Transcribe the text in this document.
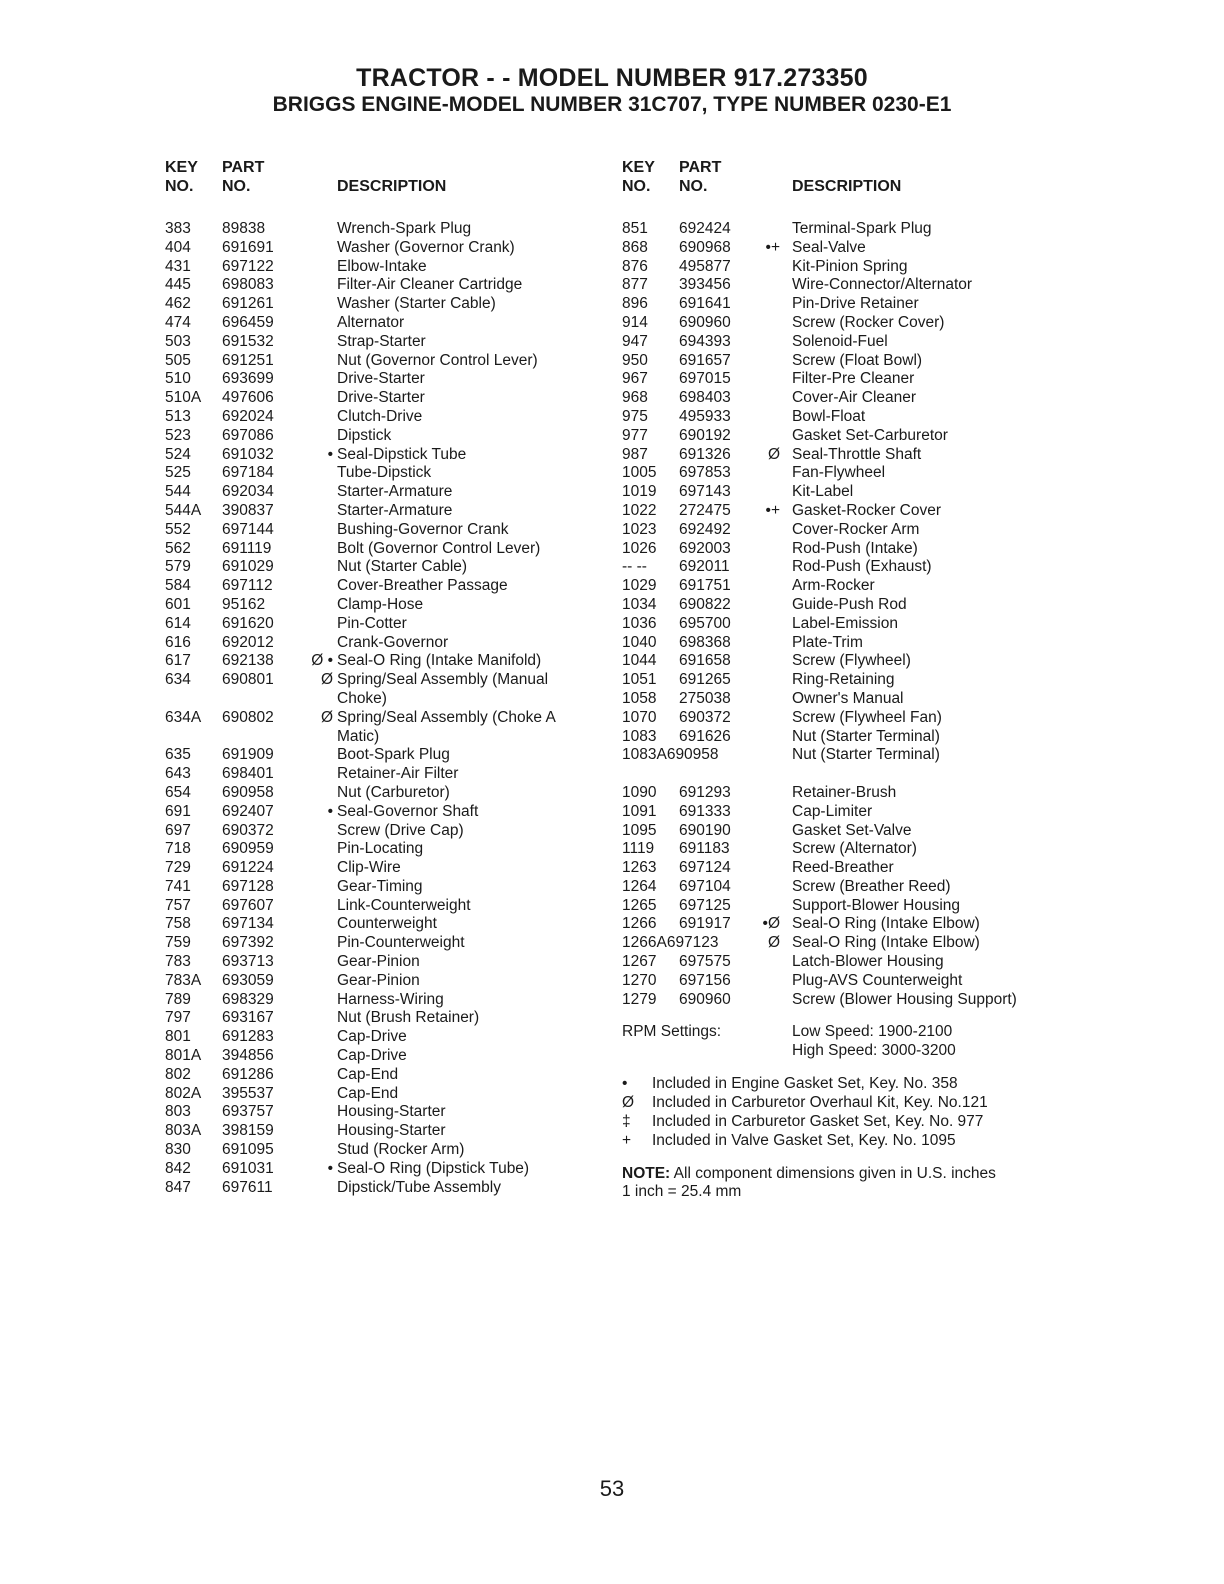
TRACTOR - - MODEL NUMBER 917.273350
BRIGGS ENGINE-MODEL NUMBER 31C707, TYPE NUMBER 0230-E1
KEY
NO.
PART
NO.	DESCRIPTION
383 89838	Wrench-Spark Plug
404 691691	Washer (Governor Crank)
431 697122	Elbow-Intake
445 698083	Filter-Air Cleaner Cartridge
462 691261	Washer (Starter Cable)
474 696459	Alternator
503 691532	Strap-Starter
505 691251	Nut (Governor Control Lever)
510 693699	Drive-Starter
510A 497606	Drive-Starter
513 692024	Clutch-Drive
523 697086	Dipstick
524 691032	• Seal-Dipstick Tube
525 697184	Tube-Dipstick
544 692034	Starter-Armature
544A 390837	Starter-Armature
552 697144	Bushing-Governor Crank
562 691119	Bolt (Governor Control Lever)
579 691029	Nut (Starter Cable)
584 697112	Cover-Breather Passage
601 95162	Clamp-Hose
614 691620	Pin-Cotter
616 692012	Crank-Governor
617 692138	Ø • Seal-O Ring (Intake Manifold)
634 690801	Ø Spring/Seal Assembly (Manual Choke)
634A 690802	Ø Spring/Seal Assembly (Choke A Matic)
635 691909	Boot-Spark Plug
643 698401	Retainer-Air Filter
654 690958	Nut (Carburetor)
691 692407	• Seal-Governor Shaft
697 690372	Screw (Drive Cap)
718 690959	Pin-Locating
729 691224	Clip-Wire
741 697128	Gear-Timing
757 697607	Link-Counterweight
758 697134	Counterweight
759 697392	Pin-Counterweight
783 693713	Gear-Pinion
783A 693059	Gear-Pinion
789 698329	Harness-Wiring
797 693167	Nut (Brush Retainer)
801 691283	Cap-Drive
801A 394856	Cap-Drive
802 691286	Cap-End
802A 395537	Cap-End
803 693757	Housing-Starter
803A 398159	Housing-Starter
830 691095	Stud (Rocker Arm)
842 691031	• Seal-O Ring (Dipstick Tube)
847 697611	Dipstick/Tube Assembly
KEY
NO.
PART
NO.	DESCRIPTION
851 692424	Terminal-Spark Plug
868 690968	•+ Seal-Valve
876 495877	Kit-Pinion Spring
877 393456	Wire-Connector/Alternator
896 691641	Pin-Drive Retainer
914 690960	Screw (Rocker Cover)
947 694393	Solenoid-Fuel
950 691657	Screw (Float Bowl)
967 697015	Filter-Pre Cleaner
968 698403	Cover-Air Cleaner
975 495933	Bowl-Float
977 690192	Gasket Set-Carburetor
987 691326	Ø Seal-Throttle Shaft
1005 697853	Fan-Flywheel
1019 697143	Kit-Label
1022 272475	•+ Gasket-Rocker Cover
1023 692492	Cover-Rocker Arm
1026 692003	Rod-Push (Intake)
-- -- 692011	Rod-Push (Exhaust)
1029 691751	Arm-Rocker
1034 690822	Guide-Push Rod
1036 695700	Label-Emission
1040 698368	Plate-Trim
1044 691658	Screw (Flywheel)
1051 691265	Ring-Retaining
1058 275038	Owner's Manual
1070 690372	Screw (Flywheel Fan)
1083 691626	Nut (Starter Terminal)
1083A690958	Nut (Starter Terminal)
1090 691293	Retainer-Brush
1091 691333	Cap-Limiter
1095 690190	Gasket Set-Valve
1119 691183	Screw (Alternator)
1263 697124	Reed-Breather
1264 697104	Screw (Breather Reed)
1265 697125	Support-Blower Housing
1266 691917	•Ø Seal-O Ring (Intake Elbow)
1266A697123	Ø Seal-O Ring (Intake Elbow)
1267 697575	Latch-Blower Housing
1270 697156	Plug-AVS Counterweight
1279 690960	Screw (Blower Housing Support)
RPM Settings:	Low Speed: 1900-2100
High Speed: 3000-3200
•	Included in Engine Gasket Set, Key. No. 358
Ø	Included in Carburetor Overhaul Kit, Key. No.121
‡	Included in Carburetor Gasket Set, Key. No. 977
+	Included in Valve Gasket Set, Key. No. 1095
NOTE: All component dimensions given in U.S. inches
1 inch = 25.4 mm
53
